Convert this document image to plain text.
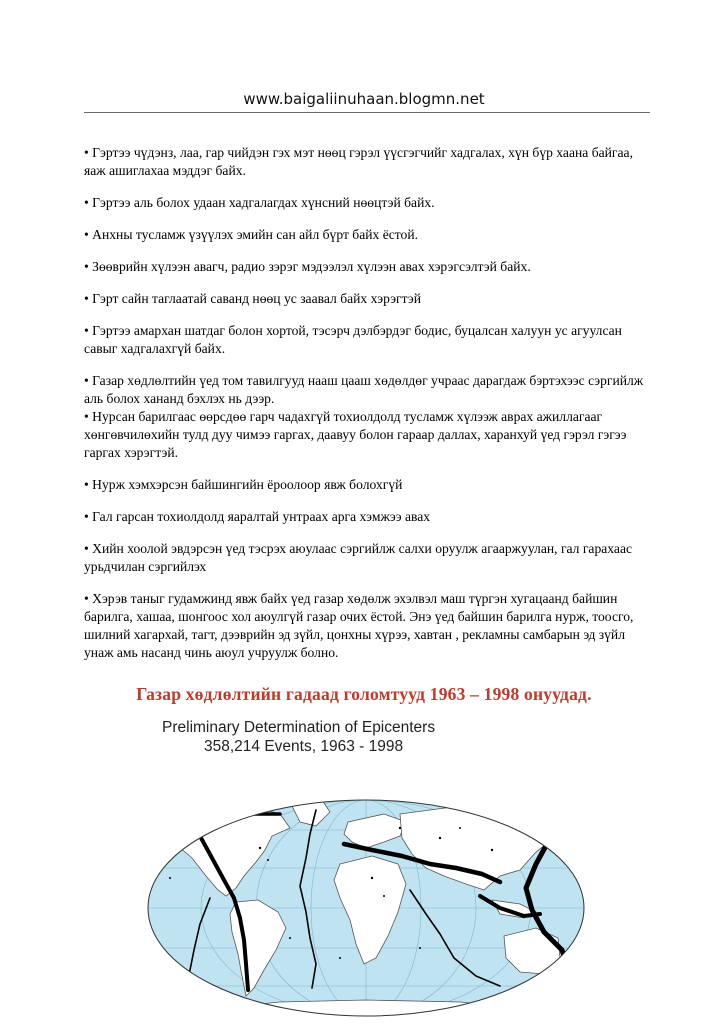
www.baigaliinuhaan.blogmn.net

• Гэртээ чүдэнз, лаа, гар чийдэн гэх мэт нөөц гэрэл үүсгэгчийг хадгалах, хүн бүр хаана байгаа, яаж ашиглахаа мэддэг байх.

• Гэртээ аль болох удаан хадгалагдах хүнсний нөөцтэй байх.

• Анхны тусламж үзүүлэх эмийн сан айл бүрт байх ёстой.

• Зөөврийн хүлээн авагч, радио зэрэг мэдээлэл хүлээн авах хэрэгсэлтэй байх.

• Гэрт сайн таглаатай саванд нөөц ус заавал байх хэрэгтэй

• Гэртээ амархан шатдаг болон хортой, тэсэрч дэлбэрдэг бодис, буцалсан халуун ус агуулсан савыг хадгалахгүй байх.

• Газар хөдлөлтийн үед том тавилгууд нааш цааш хөдөлдөг учраас дарагдаж бэртэхээс сэргийлж аль болох хананд бэхлэх нь дээр.

• Нурсан барилгаас өөрсдөө гарч чадахгүй тохиолдолд тусламж хүлээж аврах ажиллагааг хөнгөвчилөхийн тулд дуу чимээ гаргах, даавуу болон гараар даллах, харанхуй үед гэрэл гэгээ гаргах хэрэгтэй.

• Нурж хэмхэрсэн байшингийн ёроолоор явж болохгүй

• Гал гарсан тохиолдолд яаралтай унтраах арга хэмжээ авах

• Хийн хоолой эвдэрсэн үед тэсрэх аюулаас сэргийлж салхи оруулж агааржуулан, гал гарахаас урьдчилан сэргийлэх

• Хэрэв таныг гудамжинд явж байх үед газар хөдөлж эхэлвэл маш түргэн хугацаанд байшин барилга, хашаа, шонгоос хол аюулгүй газар очих ёстой. Энэ үед байшин барилга нурж, тоосго, шилний хагархай, тагт, дээврийн эд зүйл, цонхны хүрээ, хавтан , рекламны самбарын эд зүйл унаж амь насанд чинь аюул учруулж болно.

Газар хөдлөлтийн гадаад голомтууд 1963 – 1998 онуудад.
Preliminary Determination of Epicenters
358,214 Events, 1963 - 1998
